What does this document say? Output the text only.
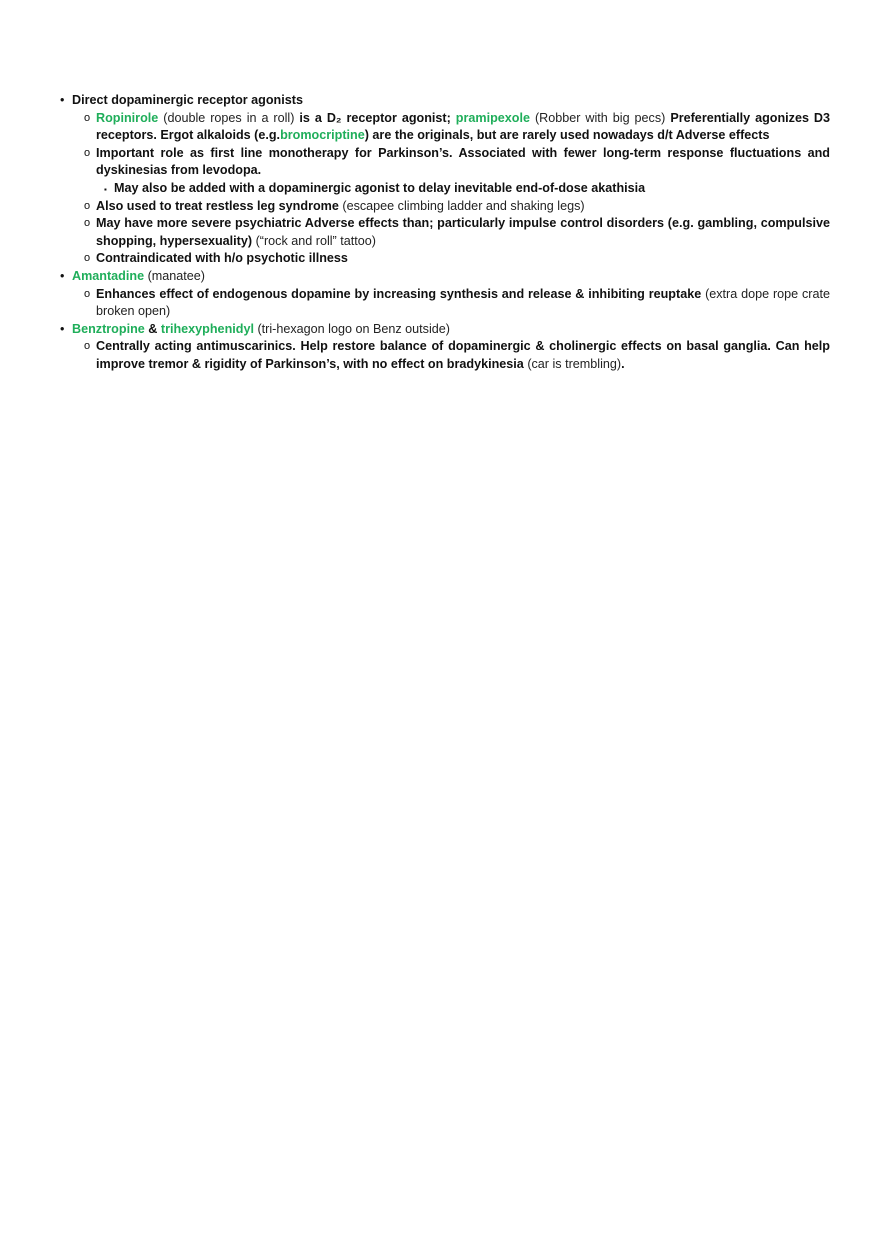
• Direct dopaminergic receptor agonists
o Ropinirole (double ropes in a roll) is a D₂ receptor agonist; pramipexole (Robber with big pecs) Preferentially agonizes D3 receptors. Ergot alkaloids (e.g.bromocriptine) are the originals, but are rarely used nowadays d/t Adverse effects
o Important role as first line monotherapy for Parkinson’s. Associated with fewer long-term response fluctuations and dyskinesias from levodopa.
▪ May also be added with a dopaminergic agonist to delay inevitable end-of-dose akathisia
o Also used to treat restless leg syndrome (escapee climbing ladder and shaking legs)
o May have more severe psychiatric Adverse effects than; particularly impulse control disorders (e.g. gambling, compulsive shopping, hypersexuality) (“rock and roll” tattoo)
o Contraindicated with h/o psychotic illness
• Amantadine (manatee)
o Enhances effect of endogenous dopamine by increasing synthesis and release & inhibiting reuptake (extra dope rope crate broken open)
• Benztropine & trihexyphenidyl (tri-hexagon logo on Benz outside)
o Centrally acting antimuscarinics. Help restore balance of dopaminergic & cholinergic effects on basal ganglia. Can help improve tremor & rigidity of Parkinson’s, with no effect on bradykinesia (car is trembling).
